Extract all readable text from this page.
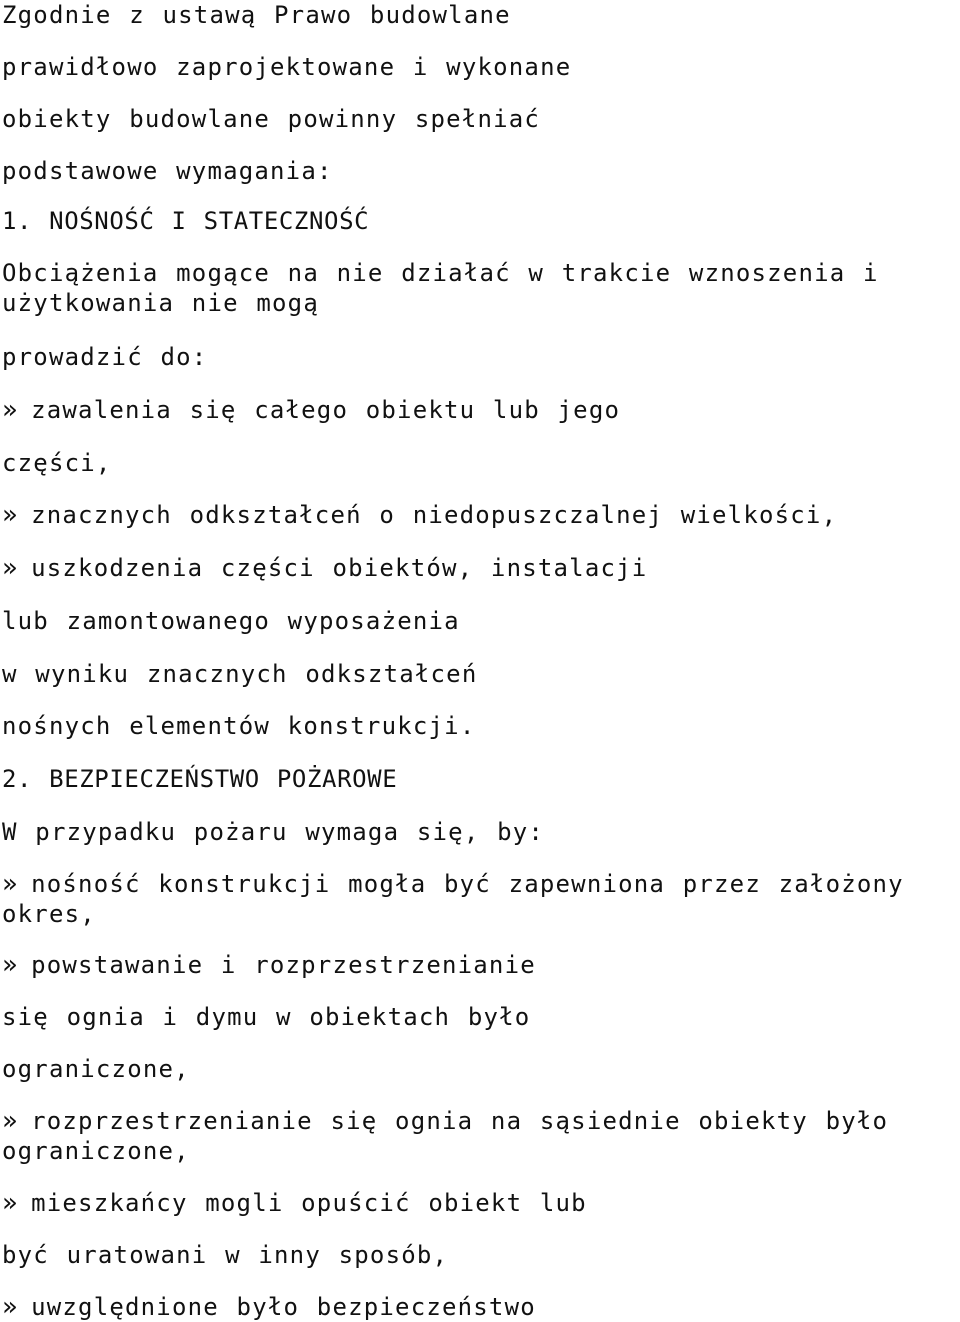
Zgodnie z ustawą Prawo budowlane
prawidłowo zaprojektowane i wykonane
obiekty budowlane powinny spełniać
podstawowe wymagania:
1. NOŚNOŚĆ I STATECZNOŚĆ
Obciążenia mogące na nie działać w trakcie wznoszenia i użytkowania nie mogą
prowadzić do:
» zawalenia się całego obiektu lub jego
części,
» znacznych odkształceń o niedopuszczalnej wielkości,
» uszkodzenia części obiektów, instalacji
lub zamontowanego wyposażenia
w wyniku znacznych odkształceń
nośnych elementów konstrukcji.
2. BEZPIECZEŃSTWO POŻAROWE
W przypadku pożaru wymaga się, by:
» nośność konstrukcji mogła być zapewniona przez założony okres,
» powstawanie i rozprzestrzenianie
się ognia i dymu w obiektach było
ograniczone,
» rozprzestrzenianie się ognia na sąsiednie obiekty było ograniczone,
» mieszkańcy mogli opuścić obiekt lub
być uratowani w inny sposób,
» uwzględnione było bezpieczeństwo
